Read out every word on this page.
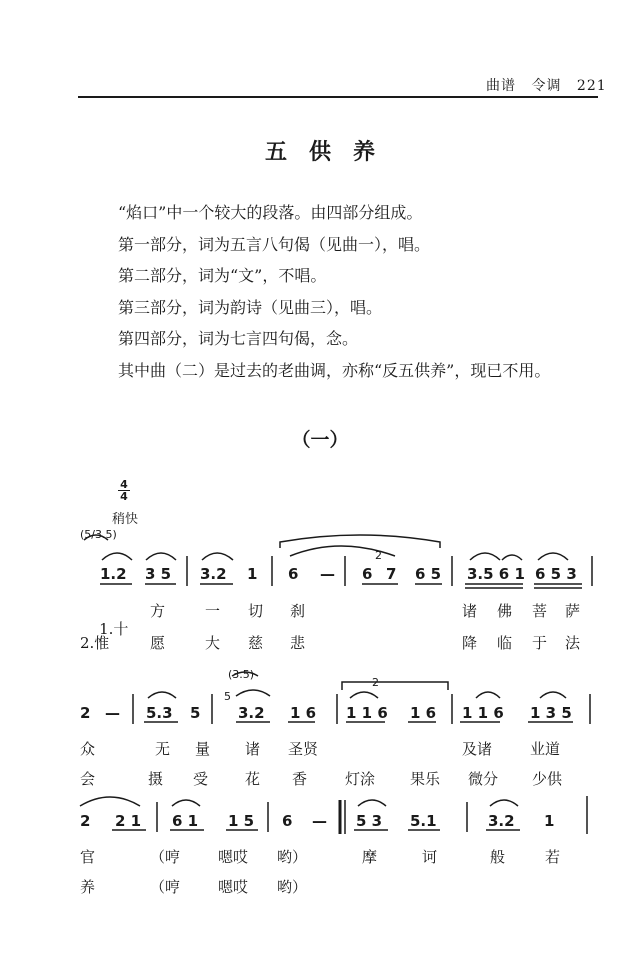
曲谱 令调 221
五供养

“焰口”中一个较大的段落。由四部分组成。

第一部分，词为五言八句偈（见曲一），唱。

第二部分，词为“文”，不唱。

第三部分，词为韵诗（见曲三），唱。

第四部分，词为七言四句偈，念。

其中曲（二）是过去的老曲调，亦称“反五供养”，现已不用。

（一）
4
4
稍快
(5/3.5)
1.2 3 5 3.2 1 6 — 6
2
7 6 5 3.5 6 1 6 5 3

1.十

方	一 切 刹	诸 佛 菩 萨
2.惟	愿	大 慈 悲	降 临 于 法
(3.5)
5
2
2 — 5.3 5	3.2 1 6 1 1 6 1 6 1 1 6 1 3 5
众	无 量 诸 圣贤	及诸	业道
会	摄 受 花 香	灯涂 果乐 微分 少供
2 2 1 6 1 1 5 6 — 5 3 5.1	3.2 1
官	（哼	嗯哎 哟）	摩	诃	般	若
养	（哼	嗯哎 哟）
